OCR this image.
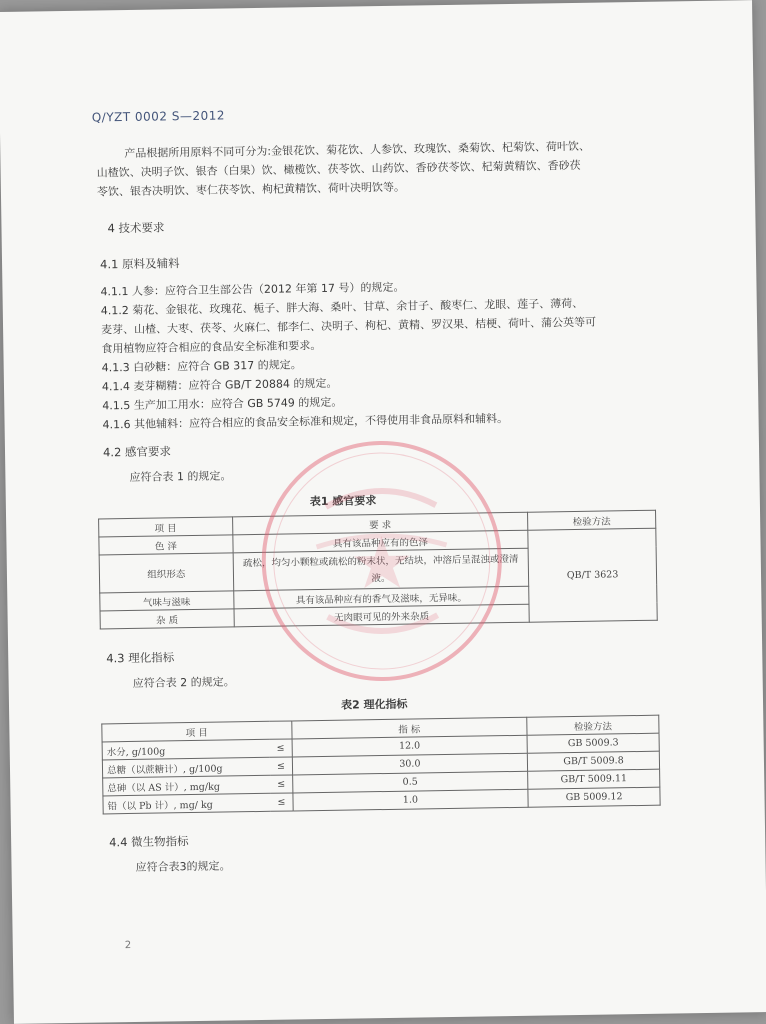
Q/YZT 0002 S—2012
产品根据所用原料不同可分为:金银花饮、菊花饮、人参饮、玫瑰饮、桑菊饮、杞菊饮、荷叶饮、
山楂饮、决明子饮、银杏（白果）饮、橄榄饮、茯苓饮、山药饮、香砂茯苓饮、杞菊黄精饮、香砂茯
苓饮、银杏决明饮、枣仁茯苓饮、枸杞黄精饮、荷叶决明饮等。
4 技术要求
4.1 原料及辅料
4.1.1 人参：应符合卫生部公告（2012 年第 17 号）的规定。
4.1.2 菊花、金银花、玫瑰花、栀子、胖大海、桑叶、甘草、余甘子、酸枣仁、龙眼、莲子、薄荷、
麦芽、山楂、大枣、茯苓、火麻仁、郁李仁、决明子、枸杞、黄精、罗汉果、桔梗、荷叶、蒲公英等可
食用植物应符合相应的食品安全标准和要求。
4.1.3 白砂糖：应符合 GB 317 的规定。
4.1.4 麦芽糊精：应符合 GB/T 20884 的规定。
4.1.5 生产加工用水：应符合 GB 5749 的规定。
4.1.6 其他辅料：应符合相应的食品安全标准和规定，不得使用非食品原料和辅料。
4.2 感官要求
应符合表 1 的规定。
表1 感官要求
项 目	要 求	检验方法
色 泽	具有该品种应有的色泽	QB/T 3623
组织形态	疏松，均匀小颗粒或疏松的粉末状，无结块，冲溶后呈混浊或澄清液。	
气味与滋味	具有该品种应有的香气及滋味，无异味。	
杂 质	无肉眼可见的外来杂质	
4.3 理化指标
应符合表 2 的规定。
表2 理化指标
项 目		指 标	检验方法
水分, g/100g	≤	12.0	GB 5009.3
总糖（以蔗糖计）, g/100g	≤	30.0	GB/T 5009.8
总砷（以 AS 计）, mg/kg	≤	0.5	GB/T 5009.11
铅（以 Pb 计）, mg/ kg	≤	1.0	GB 5009.12
4.4 微生物指标
应符合表3的规定。
2
